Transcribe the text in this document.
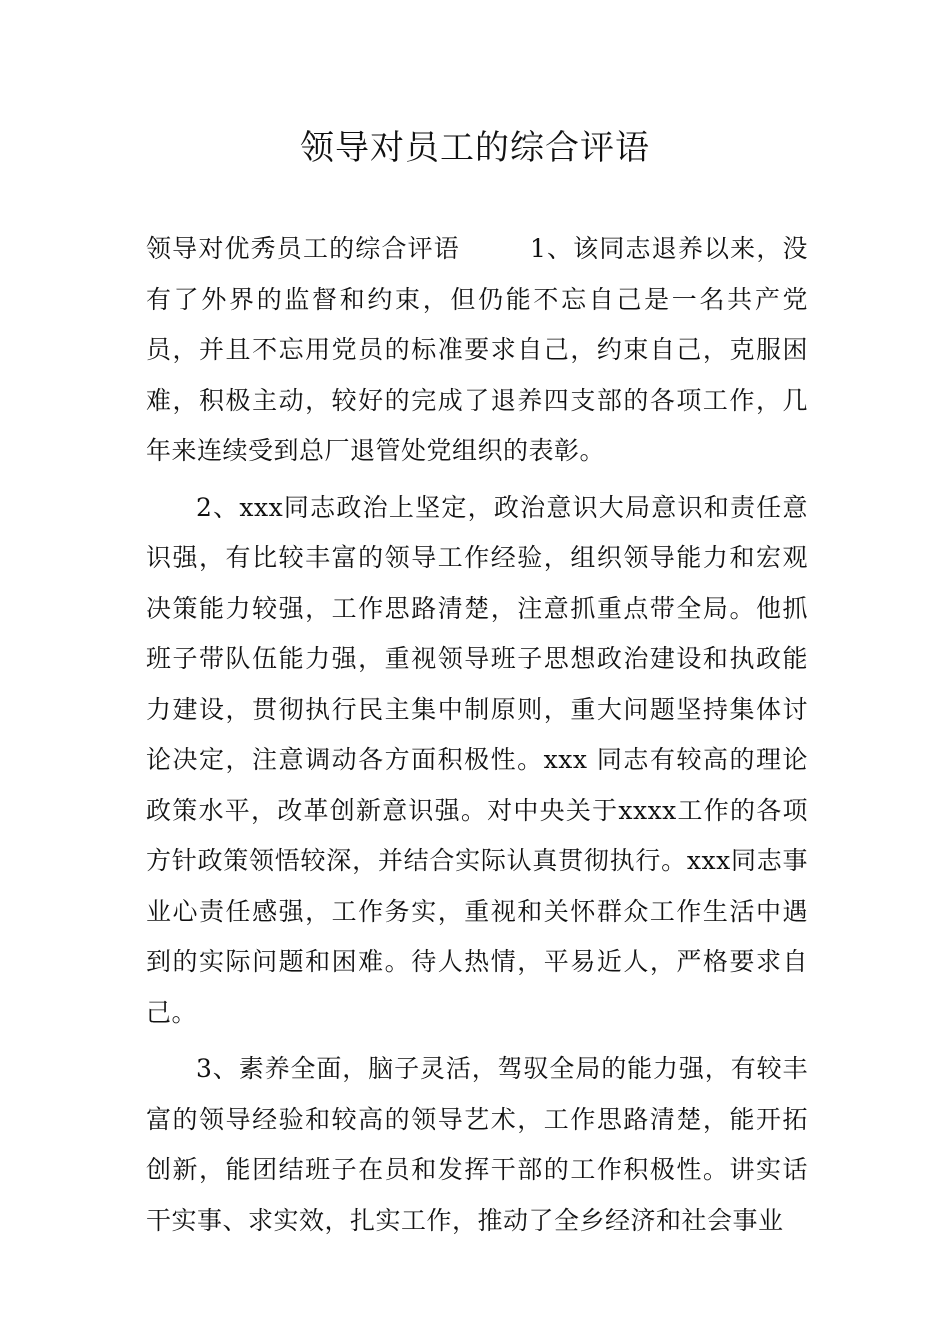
领导对员工的综合评语

领导对优秀员工的综合评语	1、该同志退养以来，没有了外界的监督和约束，但仍能不忘自己是一名共产党员，并且不忘用党员的标准要求自己，约束自己，克服困难，积极主动，较好的完成了退养四支部的各项工作，几年来连续受到总厂退管处党组织的表彰。

2、xxx同志政治上坚定，政治意识大局意识和责任意识强，有比较丰富的领导工作经验，组织领导能力和宏观决策能力较强，工作思路清楚，注意抓重点带全局。他抓班子带队伍能力强，重视领导班子思想政治建设和执政能力建设，贯彻执行民主集中制原则，重大问题坚持集体讨论决定，注意调动各方面积极性。xxx 同志有较高的理论政策水平，改革创新意识强。对中央关于xxxx工作的各项方针政策领悟较深，并结合实际认真贯彻执行。xxx同志事业心责任感强，工作务实，重视和关怀群众工作生活中遇到的实际问题和困难。待人热情，平易近人，严格要求自己。

3、素养全面，脑子灵活，驾驭全局的能力强，有较丰富的领导经验和较高的领导艺术，工作思路清楚，能开拓创新，能团结班子在员和发挥干部的工作积极性。讲实话干实事、求实效，扎实工作，推动了全乡经济和社会事业
